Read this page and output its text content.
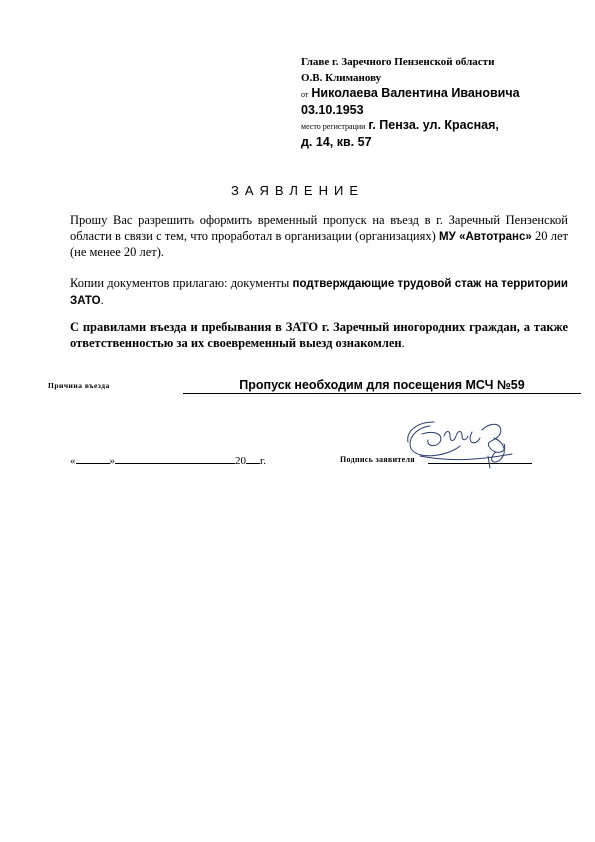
Главе г. Заречного Пензенской области
О.В. Климанову
от Николаева Валентина Ивановича
03.10.1953
место регистрации г. Пенза. ул. Красная,
д. 14, кв. 57
ЗАЯВЛЕНИЕ
Прошу Вас разрешить оформить временный пропуск на въезд в г. Заречный Пензенской области в связи с тем, что проработал в организации (организациях) МУ «Автотранс» 20 лет (не менее 20 лет).
Копии документов прилагаю: документы подтверждающие трудовой стаж на территории ЗАТО.
С правилами въезда и пребывания в ЗАТО г. Заречный иногородних граждан, а также ответственностью за их своевременный выезд ознакомлен.
Причина въезда	Пропуск необходим для посещения МСЧ №59
«	»	20 г.	Подпись заявителя
